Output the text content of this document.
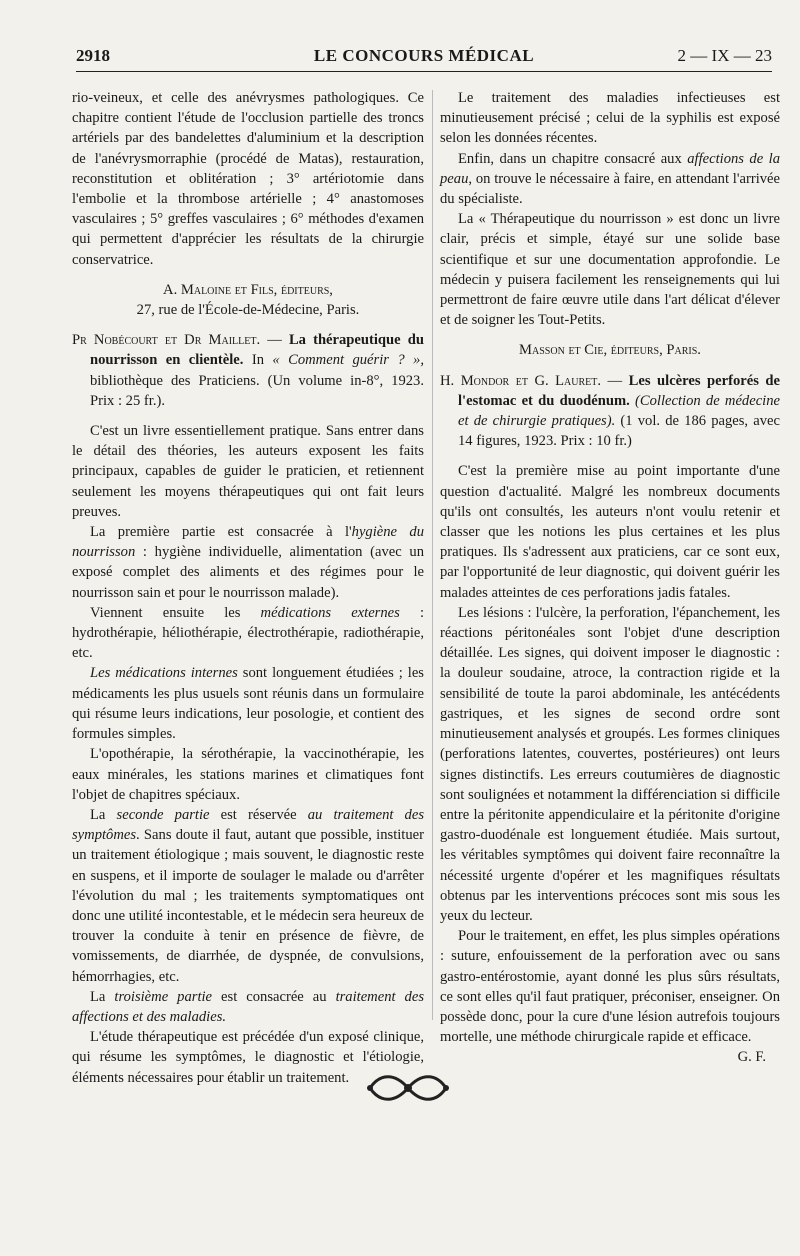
2918	LE CONCOURS MÉDICAL	2 — IX — 23

rio-veineux, et celle des anévrysmes pathologiques. Ce chapitre contient l'étude de l'occlusion partielle des troncs artériels par des bandelettes d'aluminium et la description de l'anévrysmorraphie (procédé de Matas), restauration, reconstitution et oblitération ; 3° artériotomie dans l'embolie et la thrombose artérielle ; 4° anastomoses vasculaires ; 5° greffes vasculaires ; 6° méthodes d'examen qui permettent d'apprécier les résultats de la chirurgie conservatrice.

A. Maloine et Fils, éditeurs,

27, rue de l'École-de-Médecine, Paris.

Pr Nobécourt et Dr Maillet. — La thérapeutique du nourrisson en clientèle. In « Comment guérir ? », bibliothèque des Praticiens. (Un volume in-8°, 1923. Prix : 25 fr.).

C'est un livre essentiellement pratique. Sans entrer dans le détail des théories, les auteurs exposent les faits principaux, capables de guider le praticien, et retiennent seulement les moyens thérapeutiques qui ont fait leurs preuves.

La première partie est consacrée à l'hygiène du nourrisson : hygiène individuelle, alimentation (avec un exposé complet des aliments et des régimes pour le nourrisson sain et pour le nourrisson malade).

Viennent ensuite les médications externes : hydrothérapie, héliothérapie, électrothérapie, radiothérapie, etc.

Les médications internes sont longuement étudiées ; les médicaments les plus usuels sont réunis dans un formulaire qui résume leurs indications, leur posologie, et contient des formules simples.

L'opothérapie, la sérothérapie, la vaccinothérapie, les eaux minérales, les stations marines et climatiques font l'objet de chapitres spéciaux.

La seconde partie est réservée au traitement des symptômes. Sans doute il faut, autant que possible, instituer un traitement étiologique ; mais souvent, le diagnostic reste en suspens, et il importe de soulager le malade ou d'arrêter l'évolution du mal ; les traitements symptomatiques ont donc une utilité incontestable, et le médecin sera heureux de trouver la conduite à tenir en présence de fièvre, de vomissements, de diarrhée, de dyspnée, de convulsions, hémorrhagies, etc.

La troisième partie est consacrée au traitement des affections et des maladies.

L'étude thérapeutique est précédée d'un exposé clinique, qui résume les symptômes, le diagnostic et l'étiologie, éléments nécessaires pour établir un traitement.

Le traitement des maladies infectieuses est minutieusement précisé ; celui de la syphilis est exposé selon les données récentes.

Enfin, dans un chapitre consacré aux affections de la peau, on trouve le nécessaire à faire, en attendant l'arrivée du spécialiste.

La « Thérapeutique du nourrisson » est donc un livre clair, précis et simple, étayé sur une solide base scientifique et sur une documentation approfondie. Le médecin y puisera facilement les renseignements qui lui permettront de faire œuvre utile dans l'art délicat d'élever et de soigner les Tout-Petits.

Masson et Cie, éditeurs, Paris.

H. Mondor et G. Lauret. — Les ulcères perforés de l'estomac et du duodénum. (Collection de médecine et de chirurgie pratiques). (1 vol. de 186 pages, avec 14 figures, 1923. Prix : 10 fr.)

C'est la première mise au point importante d'une question d'actualité. Malgré les nombreux documents qu'ils ont consultés, les auteurs n'ont voulu retenir et classer que les notions les plus certaines et les plus pratiques. Ils s'adressent aux praticiens, car ce sont eux, par l'opportunité de leur diagnostic, qui doivent guérir les malades atteintes de ces perforations jadis fatales.

Les lésions : l'ulcère, la perforation, l'épanchement, les réactions péritonéales sont l'objet d'une description détaillée. Les signes, qui doivent imposer le diagnostic : la douleur soudaine, atroce, la contraction rigide et la sensibilité de toute la paroi abdominale, les antécédents gastriques, et les signes de second ordre sont minutieusement analysés et groupés. Les formes cliniques (perforations latentes, couvertes, postérieures) ont leurs signes distinctifs. Les erreurs coutumières de diagnostic sont soulignées et notamment la différenciation si difficile entre la péritonite appendiculaire et la péritonite d'origine gastro-duodénale est longuement étudiée. Mais surtout, les véritables symptômes qui doivent faire reconnaître la nécessité urgente d'opérer et les magnifiques résultats obtenus par les interventions précoces sont mis sous les yeux du lecteur.

Pour le traitement, en effet, les plus simples opérations : suture, enfouissement de la perforation avec ou sans gastro-entérostomie, ayant donné les plus sûrs résultats, ce sont elles qu'il faut pratiquer, préconiser, enseigner. On possède donc, pour la cure d'une lésion autrefois toujours mortelle, une méthode chirurgicale rapide et efficace.

G. F.
